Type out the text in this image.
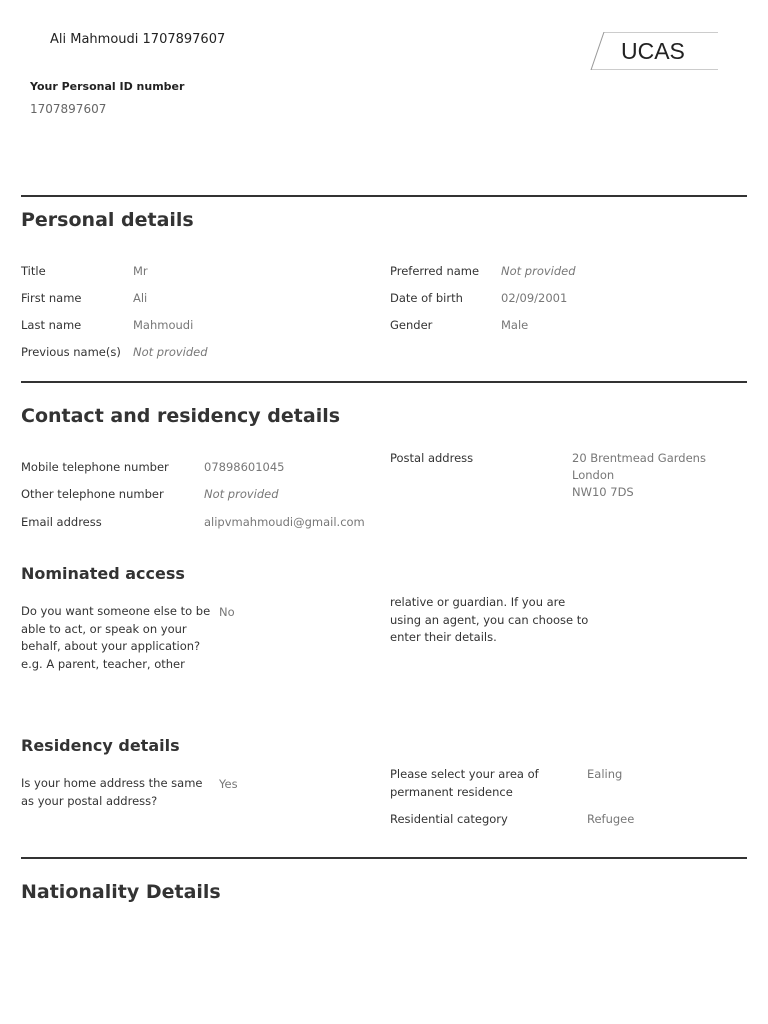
Ali Mahmoudi 1707897607
Your Personal ID number
1707897607
UCAS
Personal details
Title	Mr
First name	Ali
Last name	Mahmoudi
Previous name(s) Not provided
Preferred name Not provided
Date of birth	02/09/2001
Gender	Male
Contact and residency details
Mobile telephone number	07898601045
Other telephone number	Not provided
Email address	alipvmahmoudi@gmail.com
Postal address	20 Brentmead Gardens
London
NW10 7DS
Nominated access
Do you want someone else to be
able to act, or speak on your
behalf, about your application?
e.g. A parent, teacher, other
No
relative or guardian. If you are
using an agent, you can choose to
enter their details.
Residency details
Is your home address the same
as your postal address?
Yes
Please select your area of
permanent residence
Ealing
Residential category	Refugee
Nationality Details
